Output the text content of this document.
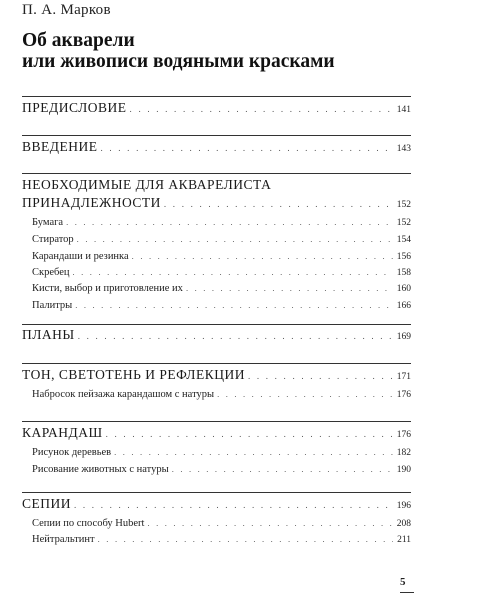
П. А. Марков
Об акварели
или живописи водяными красками
ПРЕДИСЛОВИЕ . . .	141
ВВЕДЕНИЕ . . .	143
НЕОБХОДИМЫЕ ДЛЯ АКВАРЕЛИСТА
ПРИНАДЛЕЖНОСТИ . . .	152
Бумага . . .	152
Стиратор . . .	154
Карандаши и резинка . . .	156
Скребец . . .	158
Кисти, выбор и приготовление их . . .	160
Палитры . . .	166
ПЛАНЫ . . .	169
ТОН, СВЕТОТЕНЬ И РЕФЛЕКЦИИ . . .	171
Набросок пейзажа карандашом с натуры . . .	176
КАРАНДАШ . . .	176
Рисунок деревьев . . .	182
Рисование животных с натуры . . .	190
СЕПИИ . . .	196
Сепии по способу Hubert . . .	208
Нейтральтинт . . .	211
5
